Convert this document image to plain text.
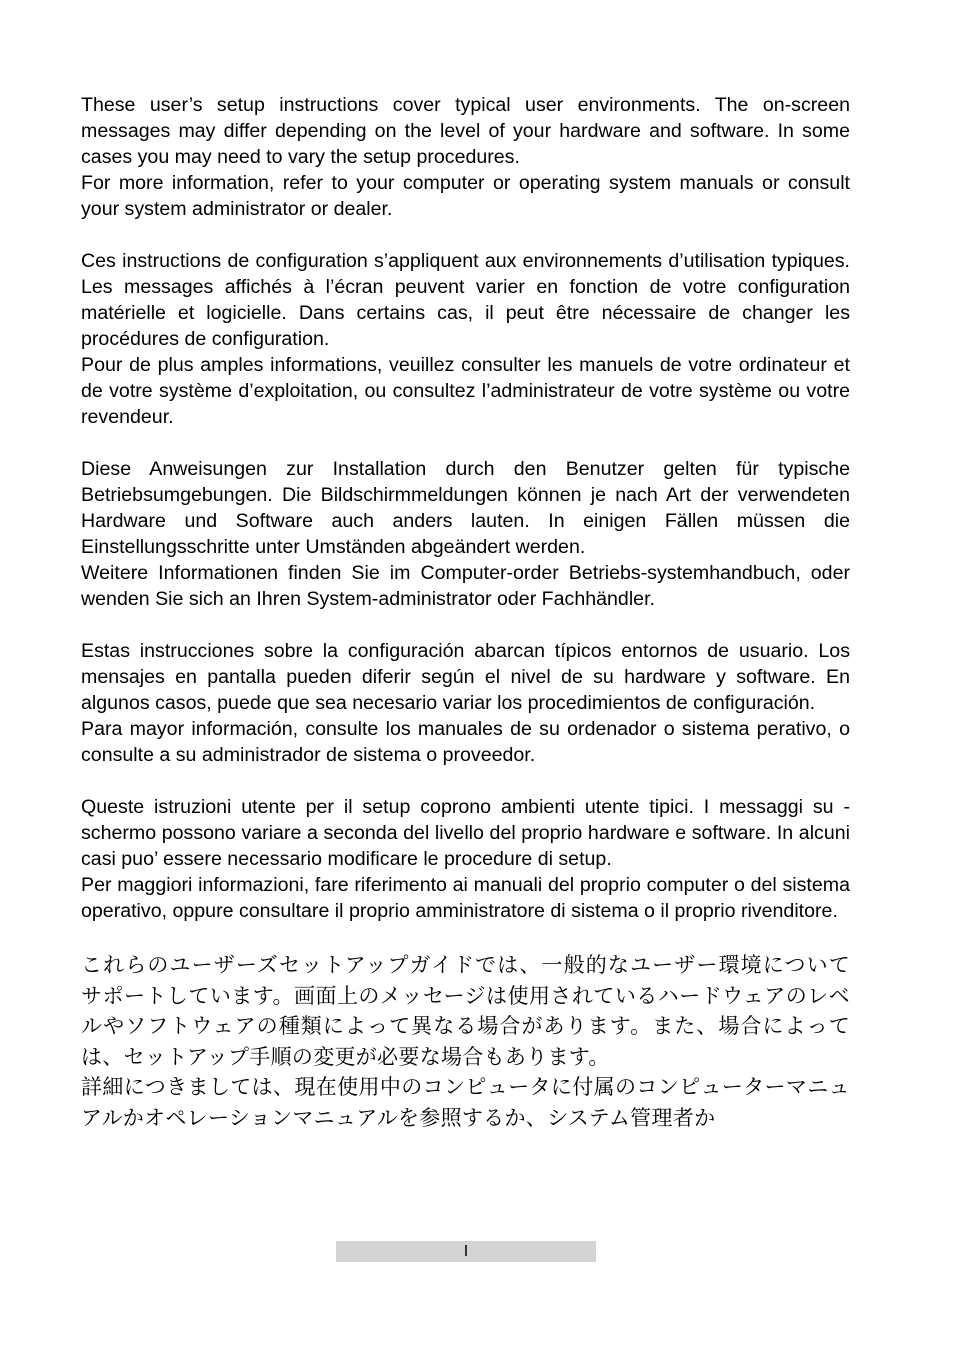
These user’s setup instructions cover typical user environments. The on-screen messages may differ depending on the level of your hardware and software. In some cases you may need to vary the setup procedures.

For more information, refer to your computer or operating system manuals or consult your system administrator or dealer.

Ces instructions de configuration s’appliquent aux environnements d’utilisation typiques. Les messages affichés à l’écran peuvent varier en fonction de votre configuration matérielle et logicielle. Dans certains cas, il peut être nécessaire de changer les procédures de configuration.

Pour de plus amples informations, veuillez consulter les manuels de votre ordinateur et de votre système d’exploitation, ou consultez l’administrateur de votre système ou votre revendeur.

Diese Anweisungen zur Installation durch den Benutzer gelten für typische Betriebsumgebungen. Die Bildschirmmeldungen können je nach Art der verwendeten Hardware und Software auch anders lauten. In einigen Fällen müssen die Einstellungsschritte unter Umständen abgeändert werden.

Weitere Informationen finden Sie im Computer-order Betriebs-systemhandbuch, oder wenden Sie sich an Ihren System-administrator oder Fachhändler.

Estas instrucciones sobre la configuración abarcan típicos entornos de usuario. Los mensajes en pantalla pueden diferir según el nivel de su hardware y software. En algunos casos, puede que sea necesario variar los procedimientos de configuración.

Para mayor información, consulte los manuales de su ordenador o sistema perativo, o consulte a su administrador de sistema o proveedor.

Queste istruzioni utente per il setup coprono ambienti utente tipici. I messaggi su - schermo possono variare a seconda del livello del proprio hardware e software. In alcuni casi puo’ essere necessario modificare le procedure di setup.

Per maggiori informazioni, fare riferimento ai manuali del proprio computer o del sistema operativo, oppure consultare il proprio amministratore di sistema o il proprio rivenditore.

これらのユーザーズセットアップガイドでは、一般的なユーザー環境について サポートしています。画面上のメッセージは使用されているハードウェアのレベルやソフトウェアの種類によって異なる場合があります。また、場合によっては、セットアップ手順の変更が必要な場合もあります。

詳細につきましては、現在使用中のコンピュータに付属のコンピューターマニュアルかオペレーションマニュアルを参照するか、システム管理者か

I
